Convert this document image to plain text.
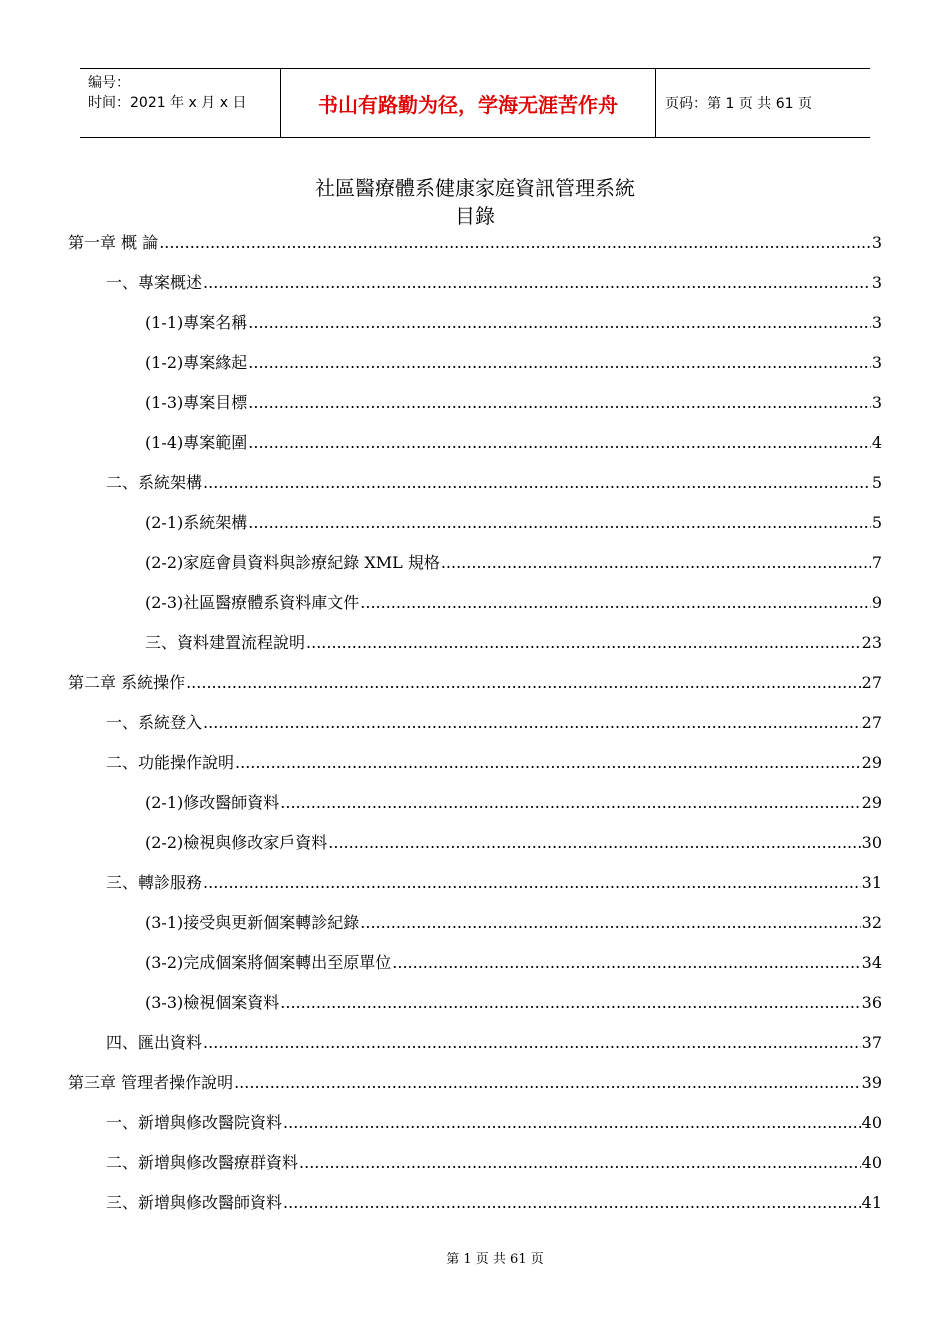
编号：
时间：2021 年 x 月 x 日	书山有路勤为径，学海无涯苦作舟	页码：第 1 页 共 61 页
社區醫療體系健康家庭資訊管理系統
目錄
第一章 概 論 .....	3
一、專案概述 .....	3
(1-1)專案名稱 .....	3
(1-2)專案緣起 .....	3
(1-3)專案目標 .....	3
(1-4)專案範圍 .....	4
二、系統架構 .....	5
(2-1)系統架構 .....	5
(2-2)家庭會員資料與診療紀錄 XML 規格 .....	7
(2-3)社區醫療體系資料庫文件 .....	9
三、資料建置流程說明 .....	23
第二章 系統操作 .....	27
一、系統登入 .....	27
二、功能操作說明 .....	29
(2-1)修改醫師資料 .....	29
(2-2)檢視與修改家戶資料 .....	30
三、轉診服務 .....	31
(3-1)接受與更新個案轉診紀錄 .....	32
(3-2)完成個案將個案轉出至原單位 .....	34
(3-3)檢視個案資料 .....	36
四、匯出資料 .....	37
第三章 管理者操作說明 .....	39
一、新增與修改醫院資料 .....	40
二、新增與修改醫療群資料 .....	40
三、新增與修改醫師資料 .....	41
第 1 页 共 61 页
